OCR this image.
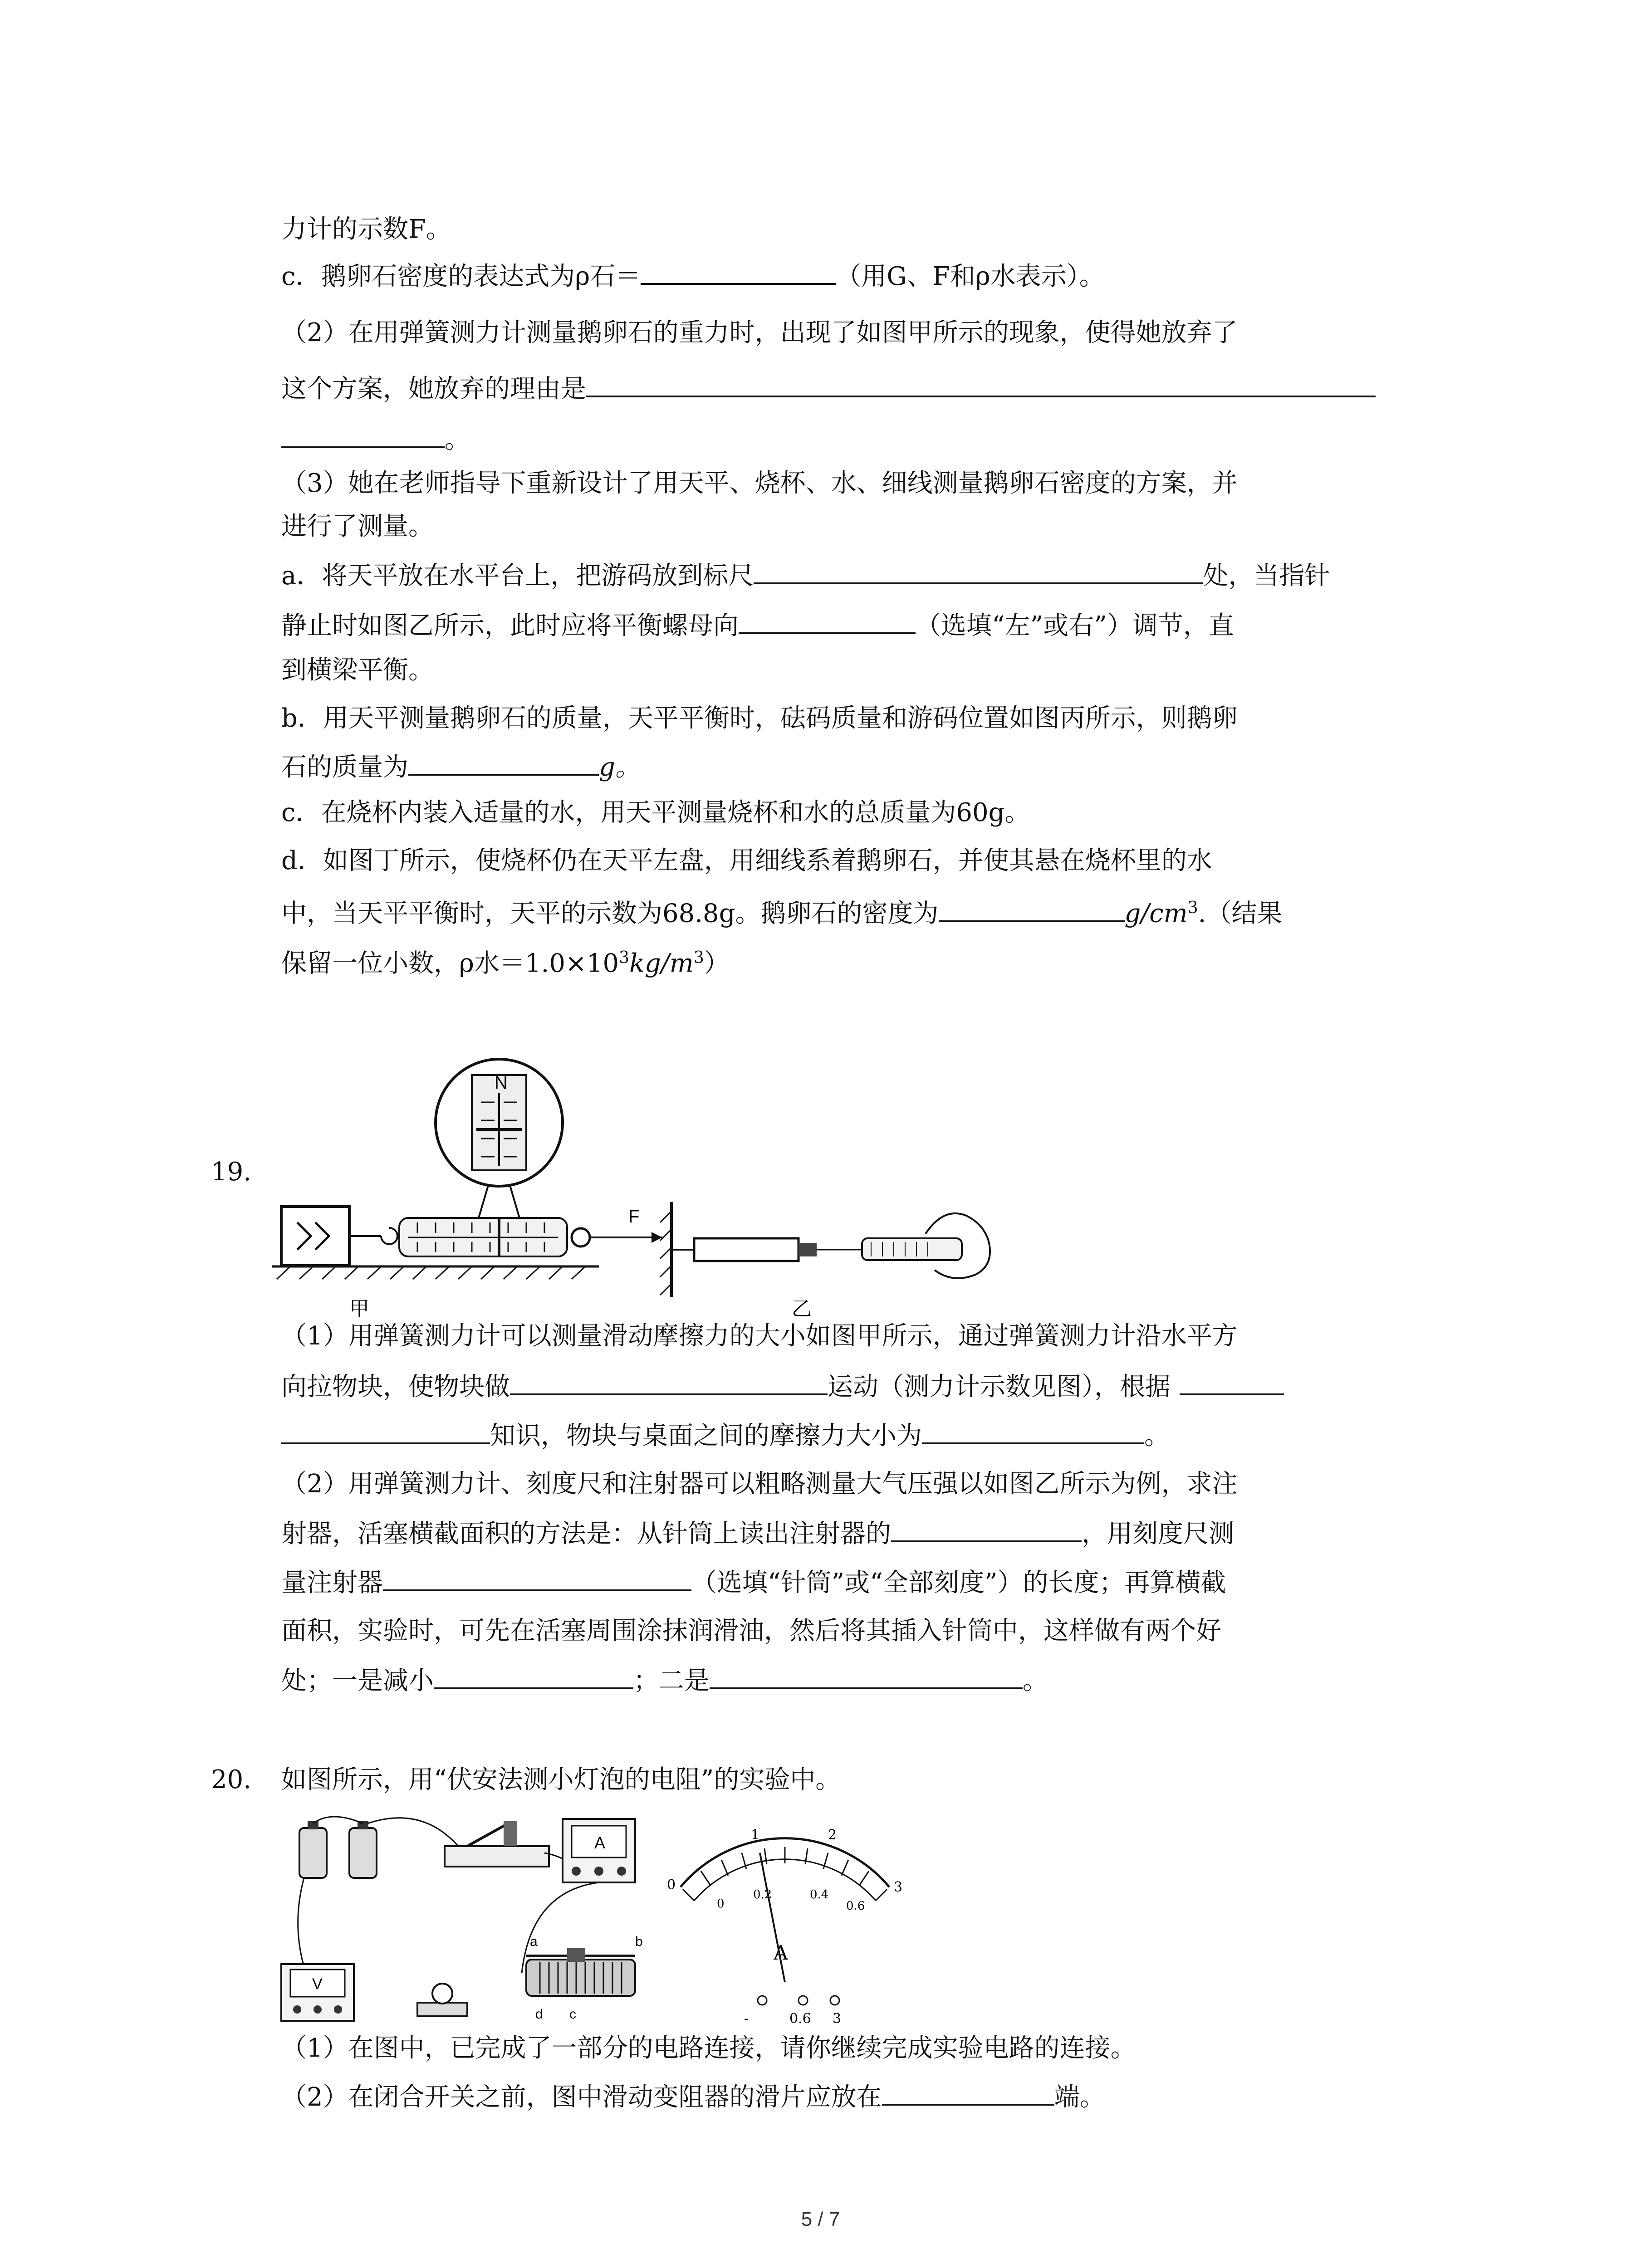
力计的示数F。
c．鹅卵石密度的表达式为ρ石＝	（用G、F和ρ水表示）。
（2）在用弹簧测力计测量鹅卵石的重力时，出现了如图甲所示的现象，使得她放弃了
这个方案，她放弃的理由是
。
（3）她在老师指导下重新设计了用天平、烧杯、水、细线测量鹅卵石密度的方案，并
进行了测量。
a．将天平放在水平台上，把游码放到标尺	处，当指针
静止时如图乙所示，此时应将平衡螺母向	（选填“左”或右”）调节，直
到横梁平衡。
b．用天平测量鹅卵石的质量，天平平衡时，砝码质量和游码位置如图丙所示，则鹅卵
石的质量为	g。
c．在烧杯内装入适量的水，用天平测量烧杯和水的总质量为60g。
d．如图丁所示，使烧杯仍在天平左盘，用细线系着鹅卵石，并使其悬在烧杯里的水
中，当天平平衡时，天平的示数为68.8g。鹅卵石的密度为	$g/cm^3$.（结果
保留一位小数，ρ水$=1.0\times 10^3kg/m^3$）
19.
N
F
甲	乙
（1）用弹簧测力计可以测量滑动摩擦力的大小如图甲所示，通过弹簧测力计沿水平方
向拉物块，使物块做	运动（测力计示数见图），根据
知识，物块与桌面之间的摩擦力大小为	。
（2）用弹簧测力计、刻度尺和注射器可以粗略测量大气压强以如图乙所示为例，求注
射器，活塞横截面积的方法是：从针筒上读出注射器的	，用刻度尺测
量注射器	（选填“针筒”或“全部刻度”）的长度；再算横截
面积，实验时，可先在活塞周围涂抹润滑油，然后将其插入针筒中，这样做有两个好
处；一是减小	；二是	。
20. 如图所示，用“伏安法测小灯泡的电阻”的实验中。
A
V
a	b
c
d
0
1	2
3
0
0.2	0.4
0.6
A
-	0.6 3
（1）在图中，已完成了一部分的电路连接，请你继续完成实验电路的连接。
（2）在闭合开关之前，图中滑动变阻器的滑片应放在	端。
5 / 7
